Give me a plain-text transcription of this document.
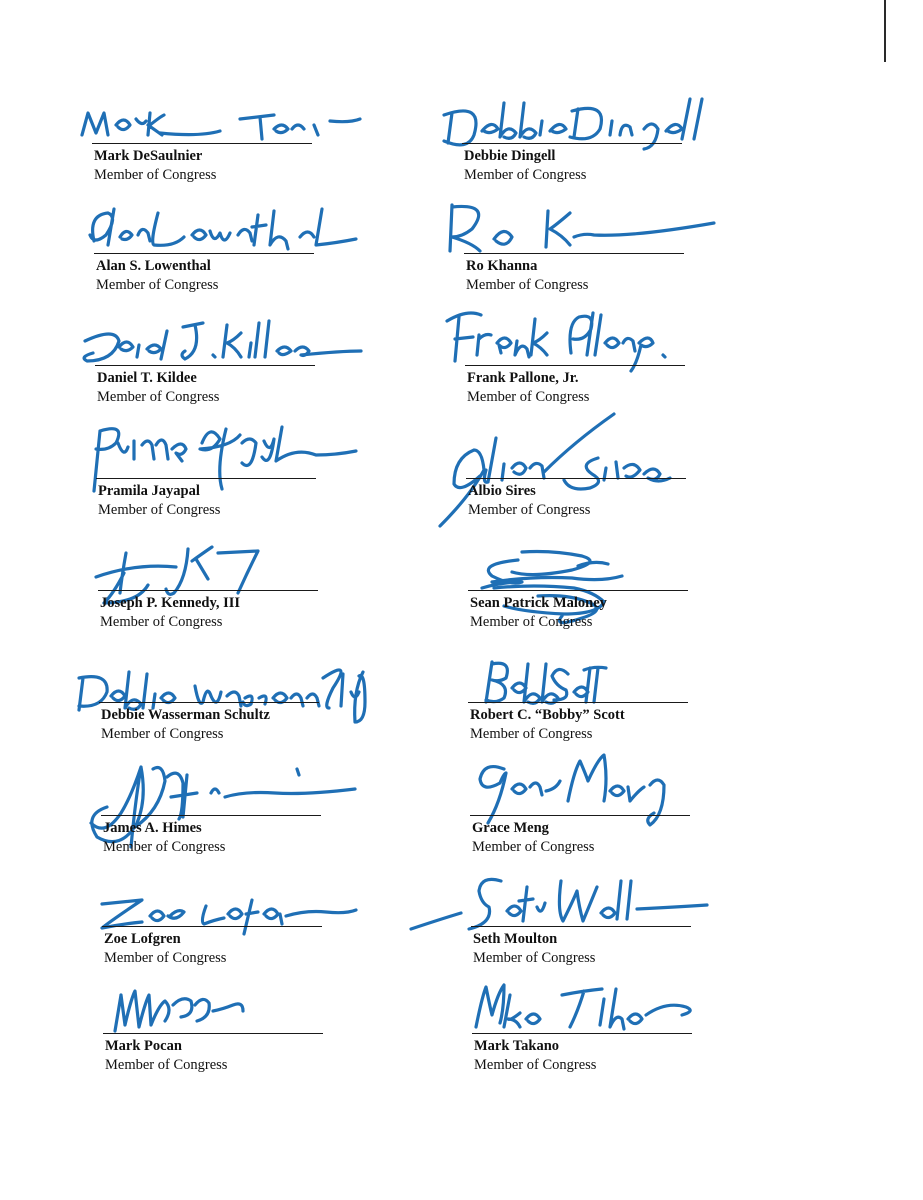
Mark DeSaulnier
Member of Congress
Debbie Dingell
Member of Congress
Alan S. Lowenthal
Member of Congress
Ro Khanna
Member of Congress
Daniel T. Kildee
Member of Congress
Frank Pallone, Jr.
Member of Congress
Pramila Jayapal
Member of Congress
Albio Sires
Member of Congress
Joseph P. Kennedy, III
Member of Congress
Sean Patrick Maloney
Member of Congress
Debbie Wasserman Schultz
Member of Congress
Robert C. “Bobby” Scott
Member of Congress
James A. Himes
Member of Congress
Grace Meng
Member of Congress
Zoe Lofgren
Member of Congress
Seth Moulton
Member of Congress
Mark Pocan
Member of Congress
Mark Takano
Member of Congress
